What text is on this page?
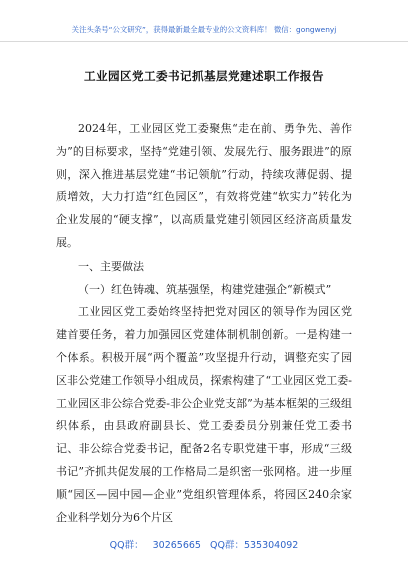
关注头条号“公文研究”，获得最新最全最专业的公文资料库！ 微信：gongwenyj
工业园区党工委书记抓基层党建述职工作报告

2024年，工业园区党工委聚焦“走在前、勇争先、善作为”的目标要求，坚持“党建引领、发展先行、服务跟进”的原则，深入推进基层党建“书记领航”行动，持续攻薄促弱、提质增效，大力打造“红色园区”，有效将党建“软实力”转化为企业发展的“硬支撑”，以高质量党建引领园区经济高质量发展。

一、主要做法

（一）红色铸魂、筑基强堡，构建党建强企“新模式”

工业园区党工委始终坚持把党对园区的领导作为园区党建首要任务，着力加强园区党建体制机制创新。一是构建一个体系。积极开展“两个覆盖”攻坚提升行动，调整充实了园区非公党建工作领导小组成员，探索构建了“工业园区党工委-工业园区非公综合党委-非公企业党支部”为基本框架的三级组织体系，由县政府副县长、党工委委员分别兼任党工委书记、非公综合党委书记，配备2名专职党建干事，形成“三级书记”齐抓共促发展的工作格局二是织密一张网格。进一步厘顺“园区—园中园—企业”党组织管理体系，将园区240余家企业科学划分为6个片区

QQ群： 30265665 QQ群：535304092
